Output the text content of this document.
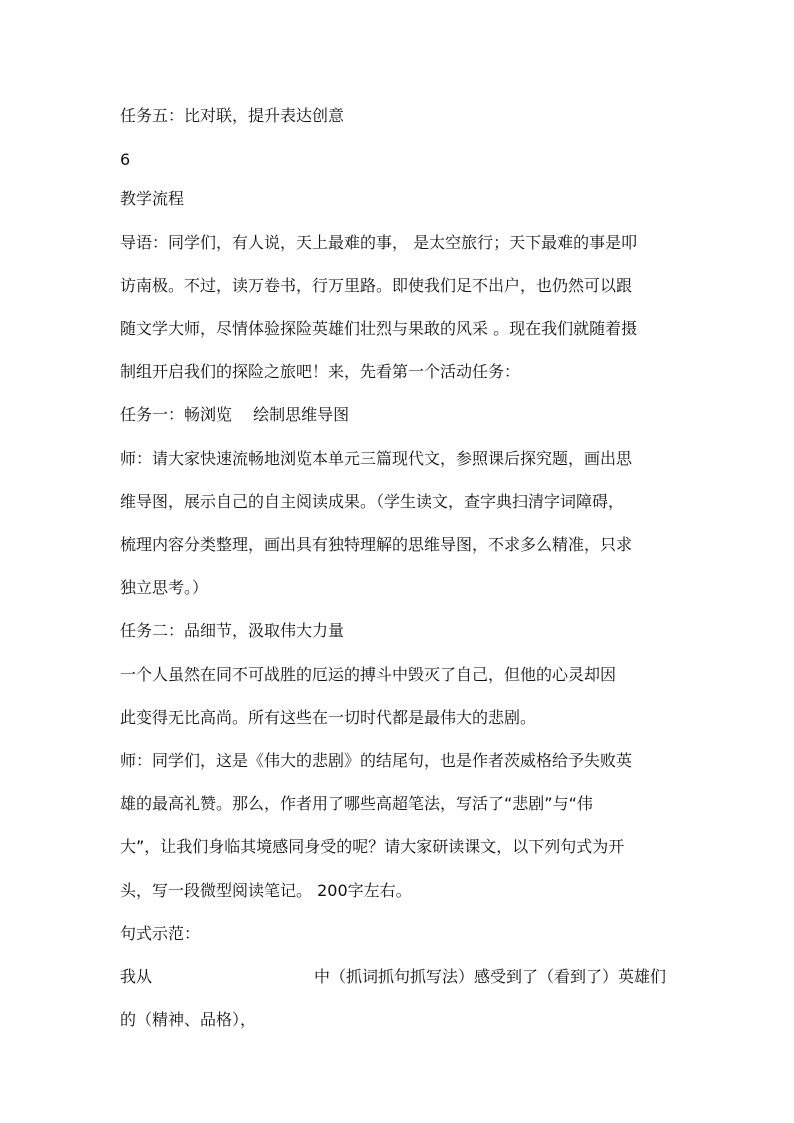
任务五：比对联，提升表达创意
6
教学流程
导语：同学们，有人说，天上最难的事， 是太空旅行；天下最难的事是叩
访南极。不过，读万卷书，行万里路。即使我们足不出户，也仍然可以跟
随文学大师，尽情体验探险英雄们壮烈与果敢的风采 。现在我们就随着摄
制组开启我们的探险之旅吧！来，先看第一个活动任务：
任务一：畅浏览　 绘制思维导图
师：请大家快速流畅地浏览本单元三篇现代文，参照课后探究题，画出思
维导图，展示自己的自主阅读成果。（学生读文，查字典扫清字词障碍，
梳理内容分类整理，画出具有独特理解的思维导图，不求多么精准，只求
独立思考。）
任务二：品细节，汲取伟大力量
一个人虽然在同不可战胜的厄运的搏斗中毁灭了自己，但他的心灵却因
此变得无比高尚。所有这些在一切时代都是最伟大的悲剧。
师：同学们，这是《伟大的悲剧》的结尾句，也是作者茨威格给予失败英
雄的最高礼赞。那么，作者用了哪些高超笔法，写活了“悲剧”与“伟
大”，让我们身临其境感同身受的呢？请大家研读课文，以下列句式为开
头，写一段微型阅读笔记。 200字左右。
句式示范：
我从	中（抓词抓句抓写法）感受到了（看到了）英雄们
的（精神、品格），
